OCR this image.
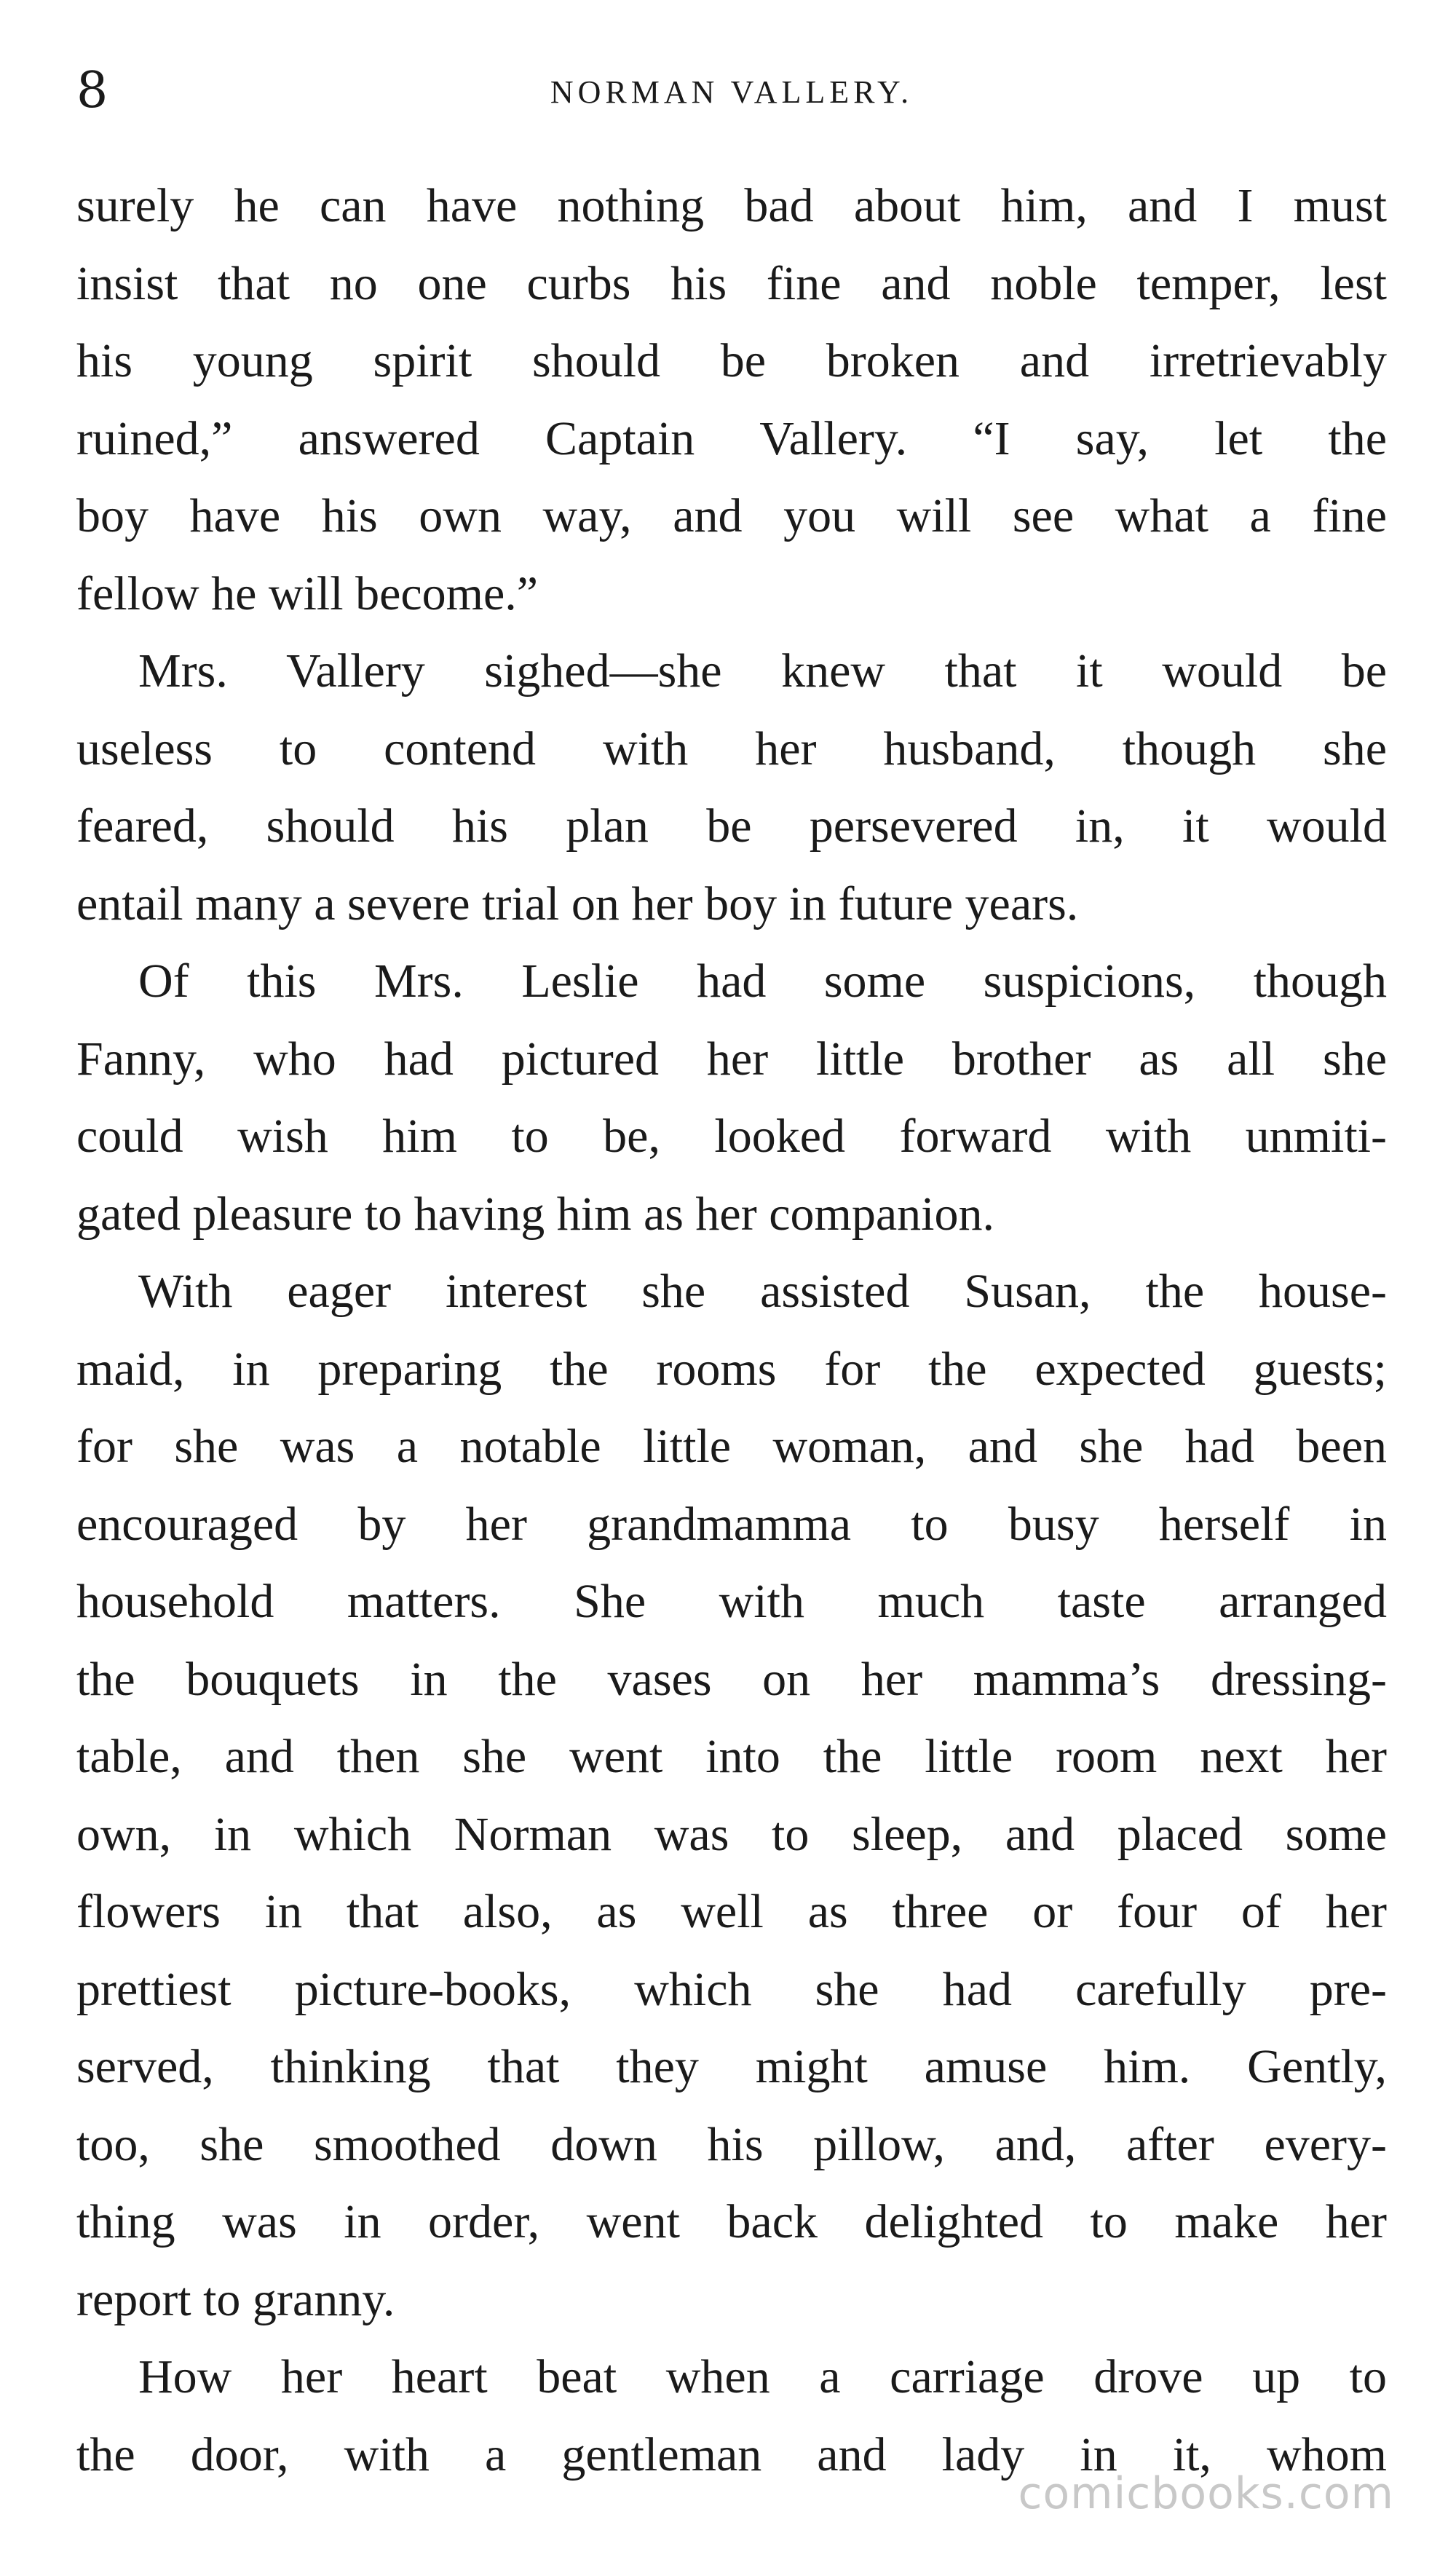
8	NORMAN VALLERY.
surely he can have nothing bad about him, and I must
insist that no one curbs his fine and noble temper, lest
his young spirit should be broken and irretrievably
ruined,” answered Captain Vallery. “I say, let the
boy have his own way, and you will see what a fine
fellow he will become.”
Mrs. Vallery sighed—she knew that it would be
useless to contend with her husband, though she
feared, should his plan be persevered in, it would
entail many a severe trial on her boy in future years.
Of this Mrs. Leslie had some suspicions, though
Fanny, who had pictured her little brother as all she
could wish him to be, looked forward with unmiti-
gated pleasure to having him as her companion.
With eager interest she assisted Susan, the house-
maid, in preparing the rooms for the expected guests;
for she was a notable little woman, and she had been
encouraged by her grandmamma to busy herself in
household matters. She with much taste arranged
the bouquets in the vases on her mamma’s dressing-
table, and then she went into the little room next her
own, in which Norman was to sleep, and placed some
flowers in that also, as well as three or four of her
prettiest picture-books, which she had carefully pre-
served, thinking that they might amuse him. Gently,
too, she smoothed down his pillow, and, after every-
thing was in order, went back delighted to make her
report to granny.
How her heart beat when a carriage drove up to
the door, with a gentleman and lady in it, whom
comicbooks.com
